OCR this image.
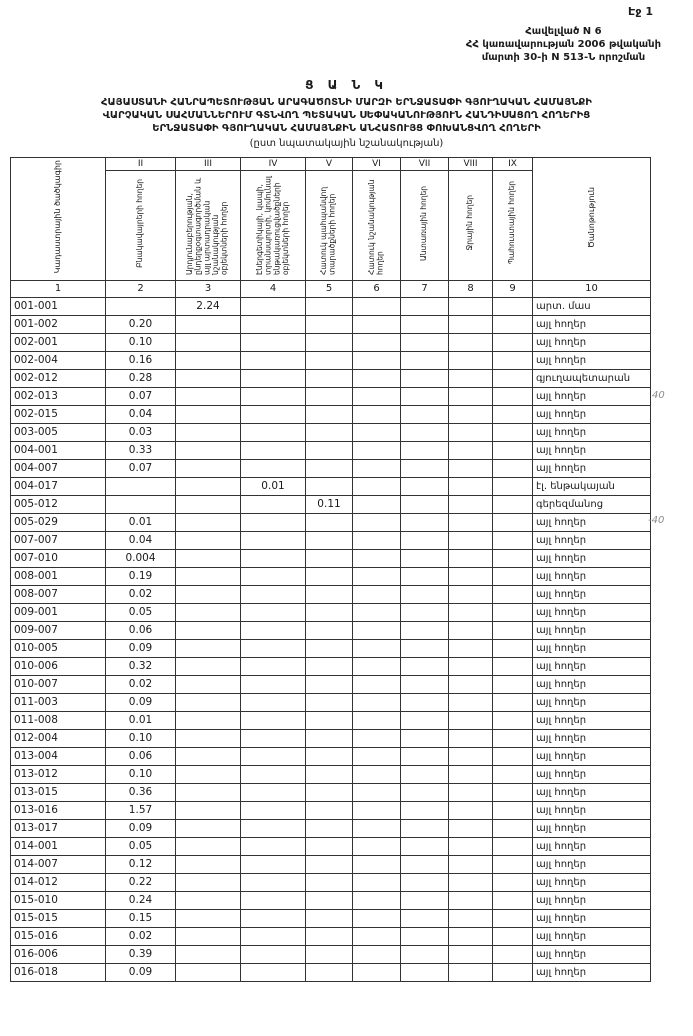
Էջ 1
Հավելված N 6
ՀՀ կառավարության 2006 թվականի
մարտի 30-ի N 513-Ն որոշման
Ց Ա Ն Կ
ՀԱՅԱՍՏԱՆԻ ՀԱՆՐԱՊԵՏՈՒԹՅԱՆ ԱՐԱԳԱԾՈՏՆԻ ՄԱՐԶԻ ԵՐՆՋԱՏԱՓԻ ԳՅՈՒՂԱԿԱՆ ՀԱՄԱՅՆՔԻ
ՎԱՐՉԱԿԱՆ ՍԱՀՄԱՆՆԵՐՈՒՄ ԳՏՆՎՈՂ ՊԵՏԱԿԱՆ ՍԵՓԱԿԱՆՈՒԹՅՈՒՆ ՀԱՆԴԻՍԱՑՈՂ ՀՈՂԵՐԻՑ
ԵՐՆՋԱՏԱՓԻ ԳՅՈՒՂԱԿԱՆ ՀԱՄԱՅՆՔԻՆ ԱՆՀԱՏՈՒՅՑ ՓՈԽԱՆՑՎՈՂ ՀՈՂԵՐԻ
(ըստ նպատակային նշանակության)
Կադաստրային ծածկագիր	II	III	IV	V	VI	VII	VIII	IX	Ծանոթություն
	Բնակավայրերի հողեր	Արդյունաբերության, ընդերքօգտագործման և այլ արտադրական նշանակության օբյեկտների հողեր	Էներգետիկայի, կապի, տրանսպորտի, կոմունալ ենթակառուցվածքների օբյեկտների հողեր	Հատուկ պահպանվող տարածքների հողեր	Հատուկ նշանակության հողեր	Անտառային հողեր	Ջրային հողեր	Պահուստային հողեր	
1	2	3	4	5	6	7	8	9	10
001-001		2.24							արտ. մաս
001-002	0.20								այլ հողեր
002-001	0.10								այլ հողեր
002-004	0.16								այլ հողեր
002-012	0.28								գյուղապետարան
002-013	0.07								այլ հողեր
002-015	0.04								այլ հողեր
003-005	0.03								այլ հողեր
004-001	0.33								այլ հողեր
004-007	0.07								այլ հողեր
004-017			0.01						էլ. ենթակայան
005-012				0.11					գերեզմանոց
005-029	0.01								այլ հողեր
007-007	0.04								այլ հողեր
007-010	0.004								այլ հողեր
008-001	0.19								այլ հողեր
008-007	0.02								այլ հողեր
009-001	0.05								այլ հողեր
009-007	0.06								այլ հողեր
010-005	0.09								այլ հողեր
010-006	0.32								այլ հողեր
010-007	0.02								այլ հողեր
011-003	0.09								այլ հողեր
011-008	0.01								այլ հողեր
012-004	0.10								այլ հողեր
013-004	0.06								այլ հողեր
013-012	0.10								այլ հողեր
013-015	0.36								այլ հողեր
013-016	1.57								այլ հողեր
013-017	0.09								այլ հողեր
014-001	0.05								այլ հողեր
014-007	0.12								այլ հողեր
014-012	0.22								այլ հողեր
015-010	0.24								այլ հողեր
015-015	0.15								այլ հողեր
015-016	0.02								այլ հողեր
016-006	0.39								այլ հողեր
016-018	0.09								այլ հողեր
40
-40
